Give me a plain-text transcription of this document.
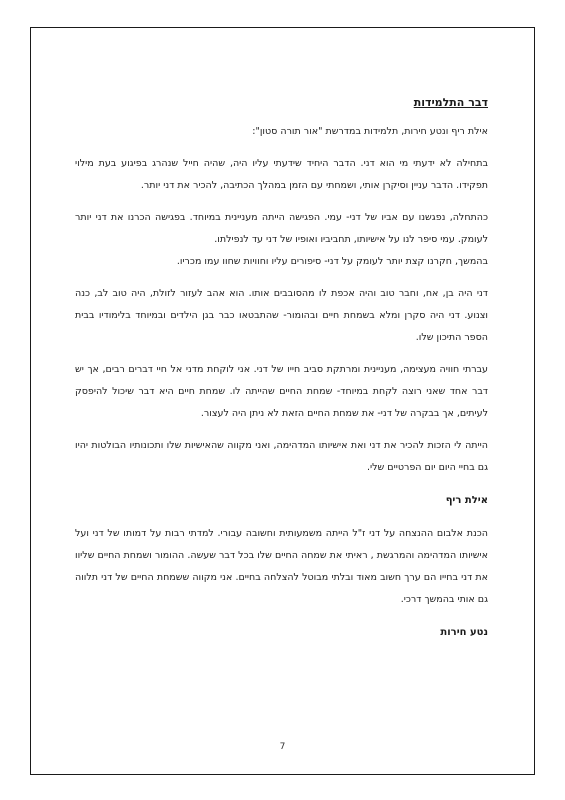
דבר התלמידות
אילת ריף ונטע חירות, תלמידות במדרשת "אור תורה סטון":

בתחילה לא ידעתי מי הוא דני. הדבר היחיד שידעתי עליו היה, שהיה חייל שנהרג בפיגוע בעת מילוי תפקידו. הדבר עניין וסיקרן אותי, ושמחתי עם הזמן במהלך הכתיבה, להכיר את דני יותר.

כהתחלה, נפגשנו עם אביו של דני- עמי. הפגישה הייתה מעניינית במיוחד. בפגישה הכרנו את דני יותר לעומק. עמי סיפר לנו על אישיותו, תחביביו ואופיו של דני עד לנפילתו.

בהמשך, חקרנו קצת יותר לעומק על דני- סיפורים עליו וחוויות שחוו עמו מכריו.

דני היה בן, אח, וחבר טוב והיה אכפת לו מהסובבים אותו. הוא אהב לעזור לזולת, היה טוב לב, כנה וצנוע. דני היה סקרן ומלא בשמחת חיים ובהומור- שהתבטאו כבר בגן הילדים ובמיוחד בלימודיו בבית הספר התיכון שלו.

עברתי חוויה מעצימה, מעניינית ומרתקת סביב חייו של דני. אני לוקחת מדני אל חיי דברים רבים, אך יש דבר אחד שאני רוצה לקחת במיוחד- שמחת החיים שהייתה לו. שמחת חיים היא דבר שיכול להיפסק לעיתים, אך בבקרה של דני- את שמחת החיים הזאת לא ניתן היה לעצור.

הייתה לי הזכות להכיר את דני ואת אישיותו המדהימה, ואני מקווה שהאישיות שלו ותכונותיו הבולטות יהיו גם בחיי היום יום הפרטיים שלי.

אילת ריף

הכנת אלבום ההנצחה על דני ז"ל הייתה משמעותית וחשובה עבורי. למדתי רבות על דמותו של דני ועל אישיותו המדהימה והמרגשת , ראיתי את שמחה החיים שלו בכל דבר שעשה. ההומור ושמחת החיים שליוו את דני בחייו הם ערך חשוב מאוד ובלתי מבוטל להצלחה בחיים. אני מקווה ששמחת החיים של דני תלווה גם אותי בהמשך דרכי.

נטע חירות
7
